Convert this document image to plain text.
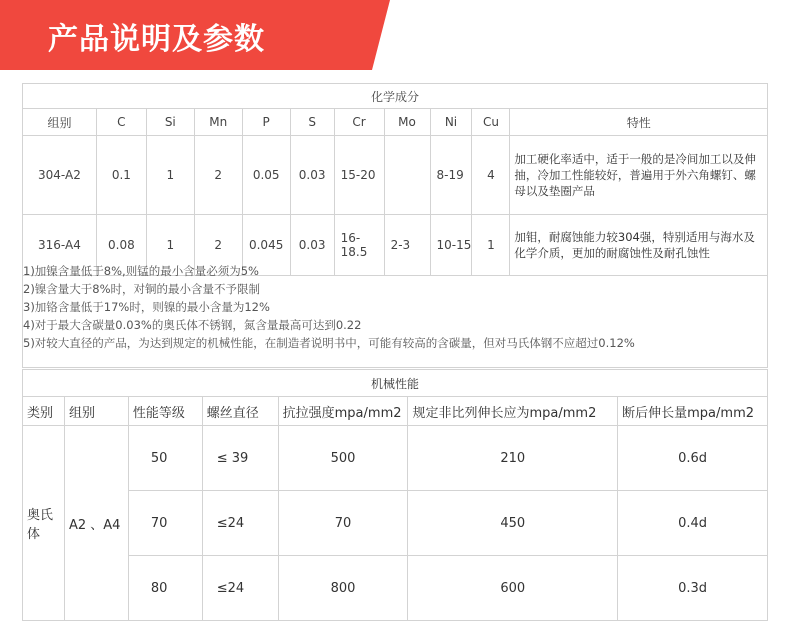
产品说明及参数
化学成分										
组别	C	Si	Mn	P	S	Cr	Mo	Ni	Cu	特性
304-A2	0.1	1	2	0.05	0.03	15-20		8-19	4	加工硬化率适中，适于一般的是冷间加工以及伸抽，冷加工性能较好，普遍用于外六角螺钉、螺母以及垫圈产品
316-A4	0.08	1	2	0.045	0.03	16-18.5	2-3	10-15	1	加钼，耐腐蚀能力较304强，特别适用与海水及化学介质，更加的耐腐蚀性及耐孔蚀性
1)加镍含量低于8%,则锰的最小含量必须为5%
2)镍含量大于8%时，对铜的最小含量不予限制
3)加铬含量低于17%时，则镍的最小含量为12%
4)对于最大含碳量0.03%的奥氏体不锈钢，氮含量最高可达到0.22
5)对较大直径的产品，为达到规定的机械性能，在制造者说明书中，可能有较高的含碳量，但对马氏体钢不应超过0.12%
机械性能						
类别	组别	性能等级	螺丝直径	抗拉强度mpa/mm2	规定非比列伸长应为mpa/mm2	断后伸长量mpa/mm2
奥氏
体	A2 、A4	50	≤ 39	500	210	0.6d
		70	≤24	70	450	0.4d
		80	≤24	800	600	0.3d
